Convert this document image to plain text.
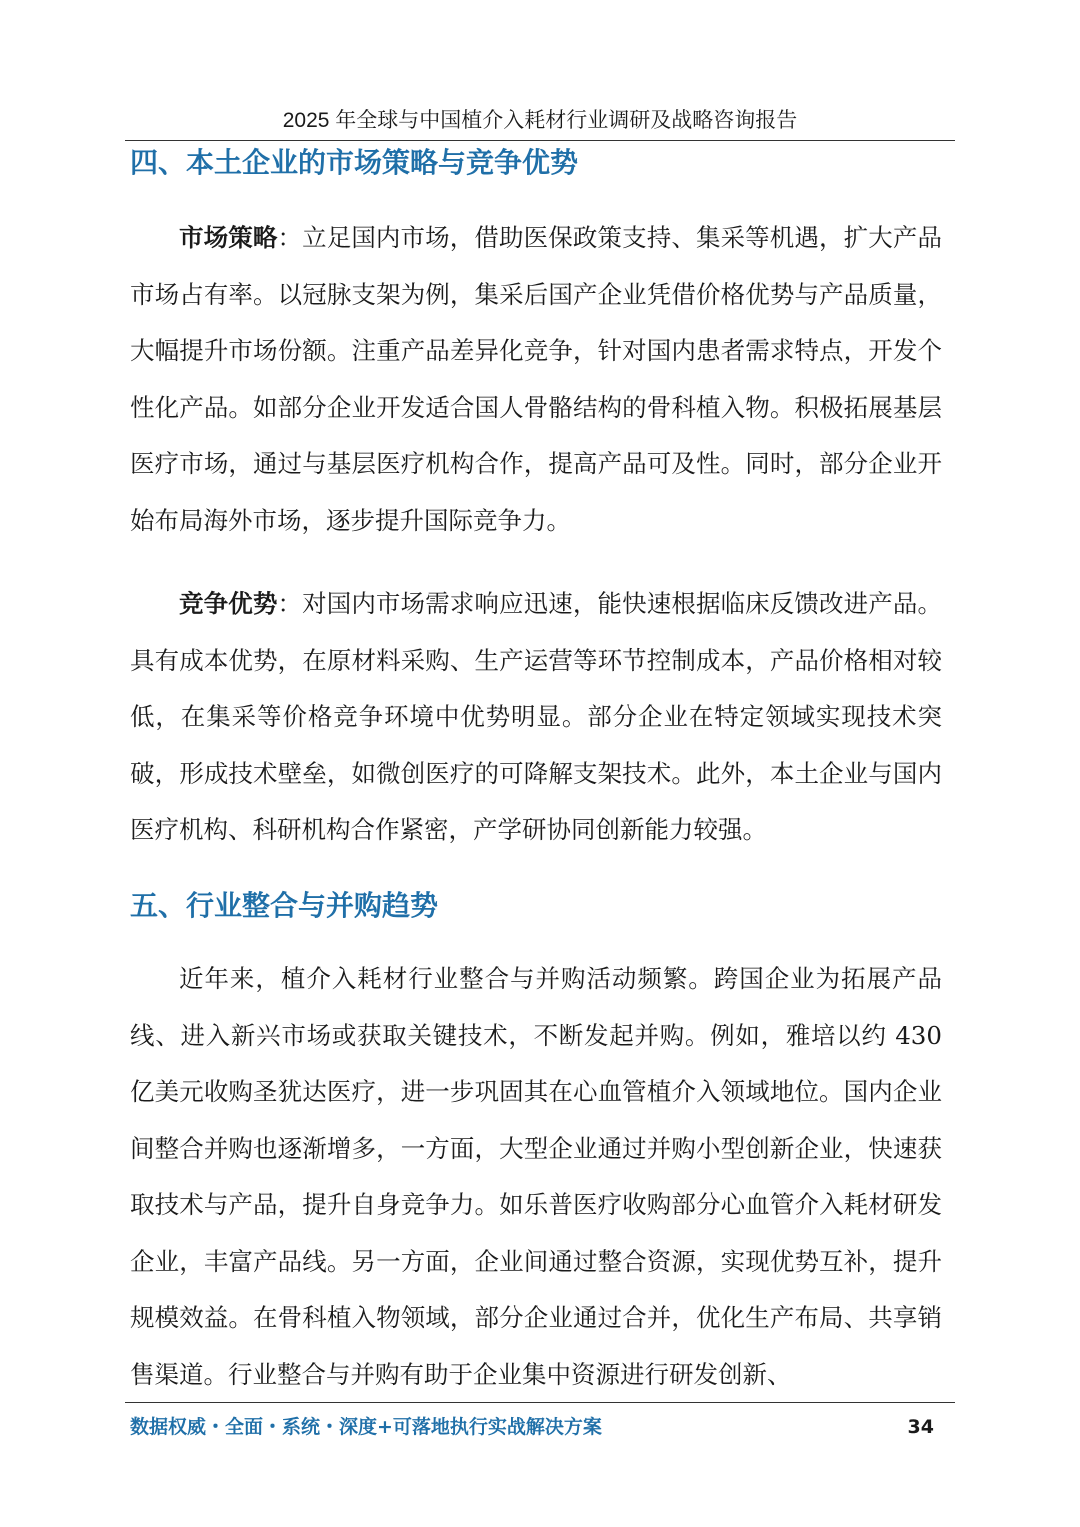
2025 年全球与中国植介入耗材行业调研及战略咨询报告
四、本土企业的市场策略与竞争优势

市场策略：立足国内市场，借助医保政策支持、集采等机遇，扩大产品市场占有率。以冠脉支架为例，集采后国产企业凭借价格优势与产品质量，大幅提升市场份额。注重产品差异化竞争，针对国内患者需求特点，开发个性化产品。如部分企业开发适合国人骨骼结构的骨科植入物。积极拓展基层医疗市场，通过与基层医疗机构合作，提高产品可及性。同时，部分企业开始布局海外市场，逐步提升国际竞争力。

竞争优势：对国内市场需求响应迅速，能快速根据临床反馈改进产品。具有成本优势，在原材料采购、生产运营等环节控制成本，产品价格相对较低，在集采等价格竞争环境中优势明显。部分企业在特定领域实现技术突破，形成技术壁垒，如微创医疗的可降解支架技术。此外，本土企业与国内医疗机构、科研机构合作紧密，产学研协同创新能力较强。

五、行业整合与并购趋势

近年来，植介入耗材行业整合与并购活动频繁。跨国企业为拓展产品线、进入新兴市场或获取关键技术，不断发起并购。例如，雅培以约 430 亿美元收购圣犹达医疗，进一步巩固其在心血管植介入领域地位。国内企业间整合并购也逐渐增多，一方面，大型企业通过并购小型创新企业，快速获取技术与产品，提升自身竞争力。如乐普医疗收购部分心血管介入耗材研发企业，丰富产品线。另一方面，企业间通过整合资源，实现优势互补，提升规模效益。在骨科植入物领域，部分企业通过合并，优化生产布局、共享销售渠道。行业整合与并购有助于企业集中资源进行研发创新、

数据权威・全面・系统・深度+可落地执行实战解决方案	34
